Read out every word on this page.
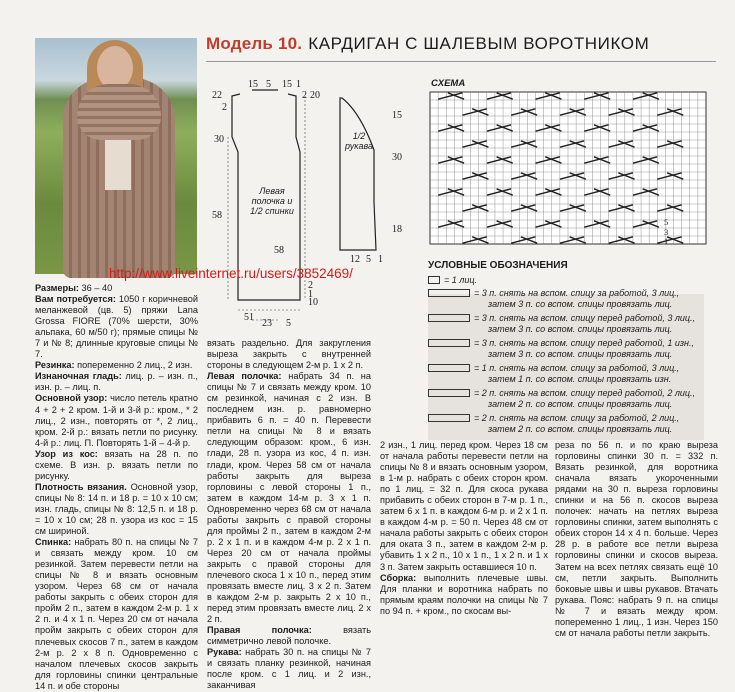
Модель 10. КАРДИГАН С ШАЛЕВЫМ ВОРОТНИКОМ
15 5 15 1
22
2
2 20
30
58
58
2
1
10
51
23 5
Левая полочка и 1/2 спинки
15
30
18
12 5 1
1/2 рукава
СХЕМА
5
3
1
http://www.liveinternet.ru/users/3852469/
УСЛОВНЫЕ ОБОЗНАЧЕНИЯ
= 1 лиц.
= 3 п. снять на вспом. спицу за работой, 3 лиц.,
затем 3 п. со вспом. спицы провязать лиц.
= 3 п. снять на вспом. спицу перед работой, 3 лиц.,
затем 3 п. со вспом. спицы провязать лиц.
= 3 п. снять на вспом. спицу перед работой, 1 изн.,
затем 3 п. со вспом. спицы провязать лиц.
= 1 п. снять на вспом. спицу за работой, 3 лиц.,
затем 1 п. со вспом. спицы провязать изн.
= 2 п. снять на вспом. спицу перед работой, 2 лиц.,
затем 2 п. со вспом. спицы провязать лиц.
= 2 п. снять на вспом. спицу за работой, 2 лиц.,
затем 2 п. со вспом. спицы провязать лиц.
Размеры: 36 – 40
Вам потребуется: 1050 г коричневой меланжевой (цв. 5) пряжи Lana Grossa FIORE (70% шерсти, 30% альпака, 60 м/50 г); прямые спицы № 7 и № 8; длинные круговые спицы № 7.
Резинка: попеременно 2 лиц., 2 изн.
Изнаночная гладь: лиц. р. – изн. п., изн. р. – лиц. п.
Основной узор: число петель кратно 4 + 2 + 2 кром. 1-й и 3-й р.: кром., * 2 лиц., 2 изн., повторять от *, 2 лиц., кром. 2-й р.: вязать петли по рисунку. 4-й р.: лиц. П. Повторять 1-й – 4-й р.
Узор из кос: вязать на 28 п. по схеме. В изн. р. вязать петли по рисунку.
Плотность вязания. Основной узор, спицы № 8: 14 п. и 18 р. = 10 x 10 см; изн. гладь, спицы № 8: 12,5 п. и 18 р. = 10 x 10 см; 28 п. узора из кос = 15 см шириной.
Спинка: набрать 80 п. на спицы № 7 и связать между кром. 10 см резинкой. Затем перевести петли на спицы № 8 и вязать основным узором. Через 68 см от начала работы закрыть с обеих сторон для пройм 2 п., затем в каждом 2-м р. 1 x 2 п. и 4 x 1 п. Через 20 см от начала пройм закрыть с обеих сторон для плечевых скосов 7 п., затем в каждом 2-м р. 2 x 8 п. Одновременно с началом плечевых скосов закрыть для горловины спинки центральные 14 п. и обе стороны
вязать раздельно. Для закругления выреза закрыть с внутренней стороны в следующем 2-м р. 1 x 2 п.
Левая полочка: набрать 34 п. на спицы № 7 и связать между кром. 10 см резинкой, начиная с 2 изн. В последнем изн. р. равномерно прибавить 6 п. = 40 п. Перевести петли на спицы № 8 и вязать следующим образом: кром., 6 изн. глади, 28 п. узора из кос, 4 п. изн. глади, кром. Через 58 см от начала работы закрыть для выреза горловины с левой стороны 1 п., затем в каждом 14-м р. 3 x 1 п. Одновременно через 68 см от начала работы закрыть с правой стороны для проймы 2 п., затем в каждом 2-м р. 2 x 1 п. и в каждом 4-м р. 2 x 1 п. Через 20 см от начала проймы закрыть с правой стороны для плечевого скоса 1 x 10 п., перед этим провязать вместе лиц. 3 x 2 п. Затем в каждом 2-м р. закрыть 2 x 10 п., перед этим провязать вместе лиц. 2 x 2 п.
Правая полочка: вязать симметрично левой полочке.
Рукава: набрать 30 п. на спицы № 7 и связать планку резинкой, начиная после кром. с 1 лиц. и 2 изн., заканчивая
2 изн., 1 лиц. перед кром. Через 18 см от начала работы перевести петли на спицы № 8 и вязать основным узором, в 1-м р. набрать с обеих сторон кром. по 1 лиц. = 32 п. Для скоса рукава прибавить с обеих сторон в 7-м р. 1 п., затем 6 x 1 п. в каждом 6-м р. и 2 x 1 п. в каждом 4-м р. = 50 п. Через 48 см от начала работы закрыть с обеих сторон для оката 3 п., затем в каждом 2-м р. убавить 1 x 2 п., 10 x 1 п., 1 x 2 п. и 1 x 3 п. Затем закрыть оставшиеся 10 п.
Сборка: выполнить плечевые швы. Для планки и воротника набрать по прямым краям полочки на спицы № 7 по 94 п. + кром., по скосам вы-
реза по 56 п. и по краю выреза горловины спинки 30 п. = 332 п. Вязать резинкой, для воротника сначала вязать укороченными рядами на 30 п. выреза горловины спинки и на 56 п. скосов выреза полочек: начать на петлях выреза горловины спинки, затем выполнять с обеих сторон 14 x 4 п. больше. Через 28 р. в работе все петли выреза горловины спинки и скосов выреза. Затем на всех петлях связать ещё 10 см, петли закрыть. Выполнить боковые швы и швы рукавов. Втачать рукава. Пояс: набрать 9 п. на спицы № 7 и вязать между кром. попеременно 1 лиц., 1 изн. Через 150 см от начала работы петли закрыть.
